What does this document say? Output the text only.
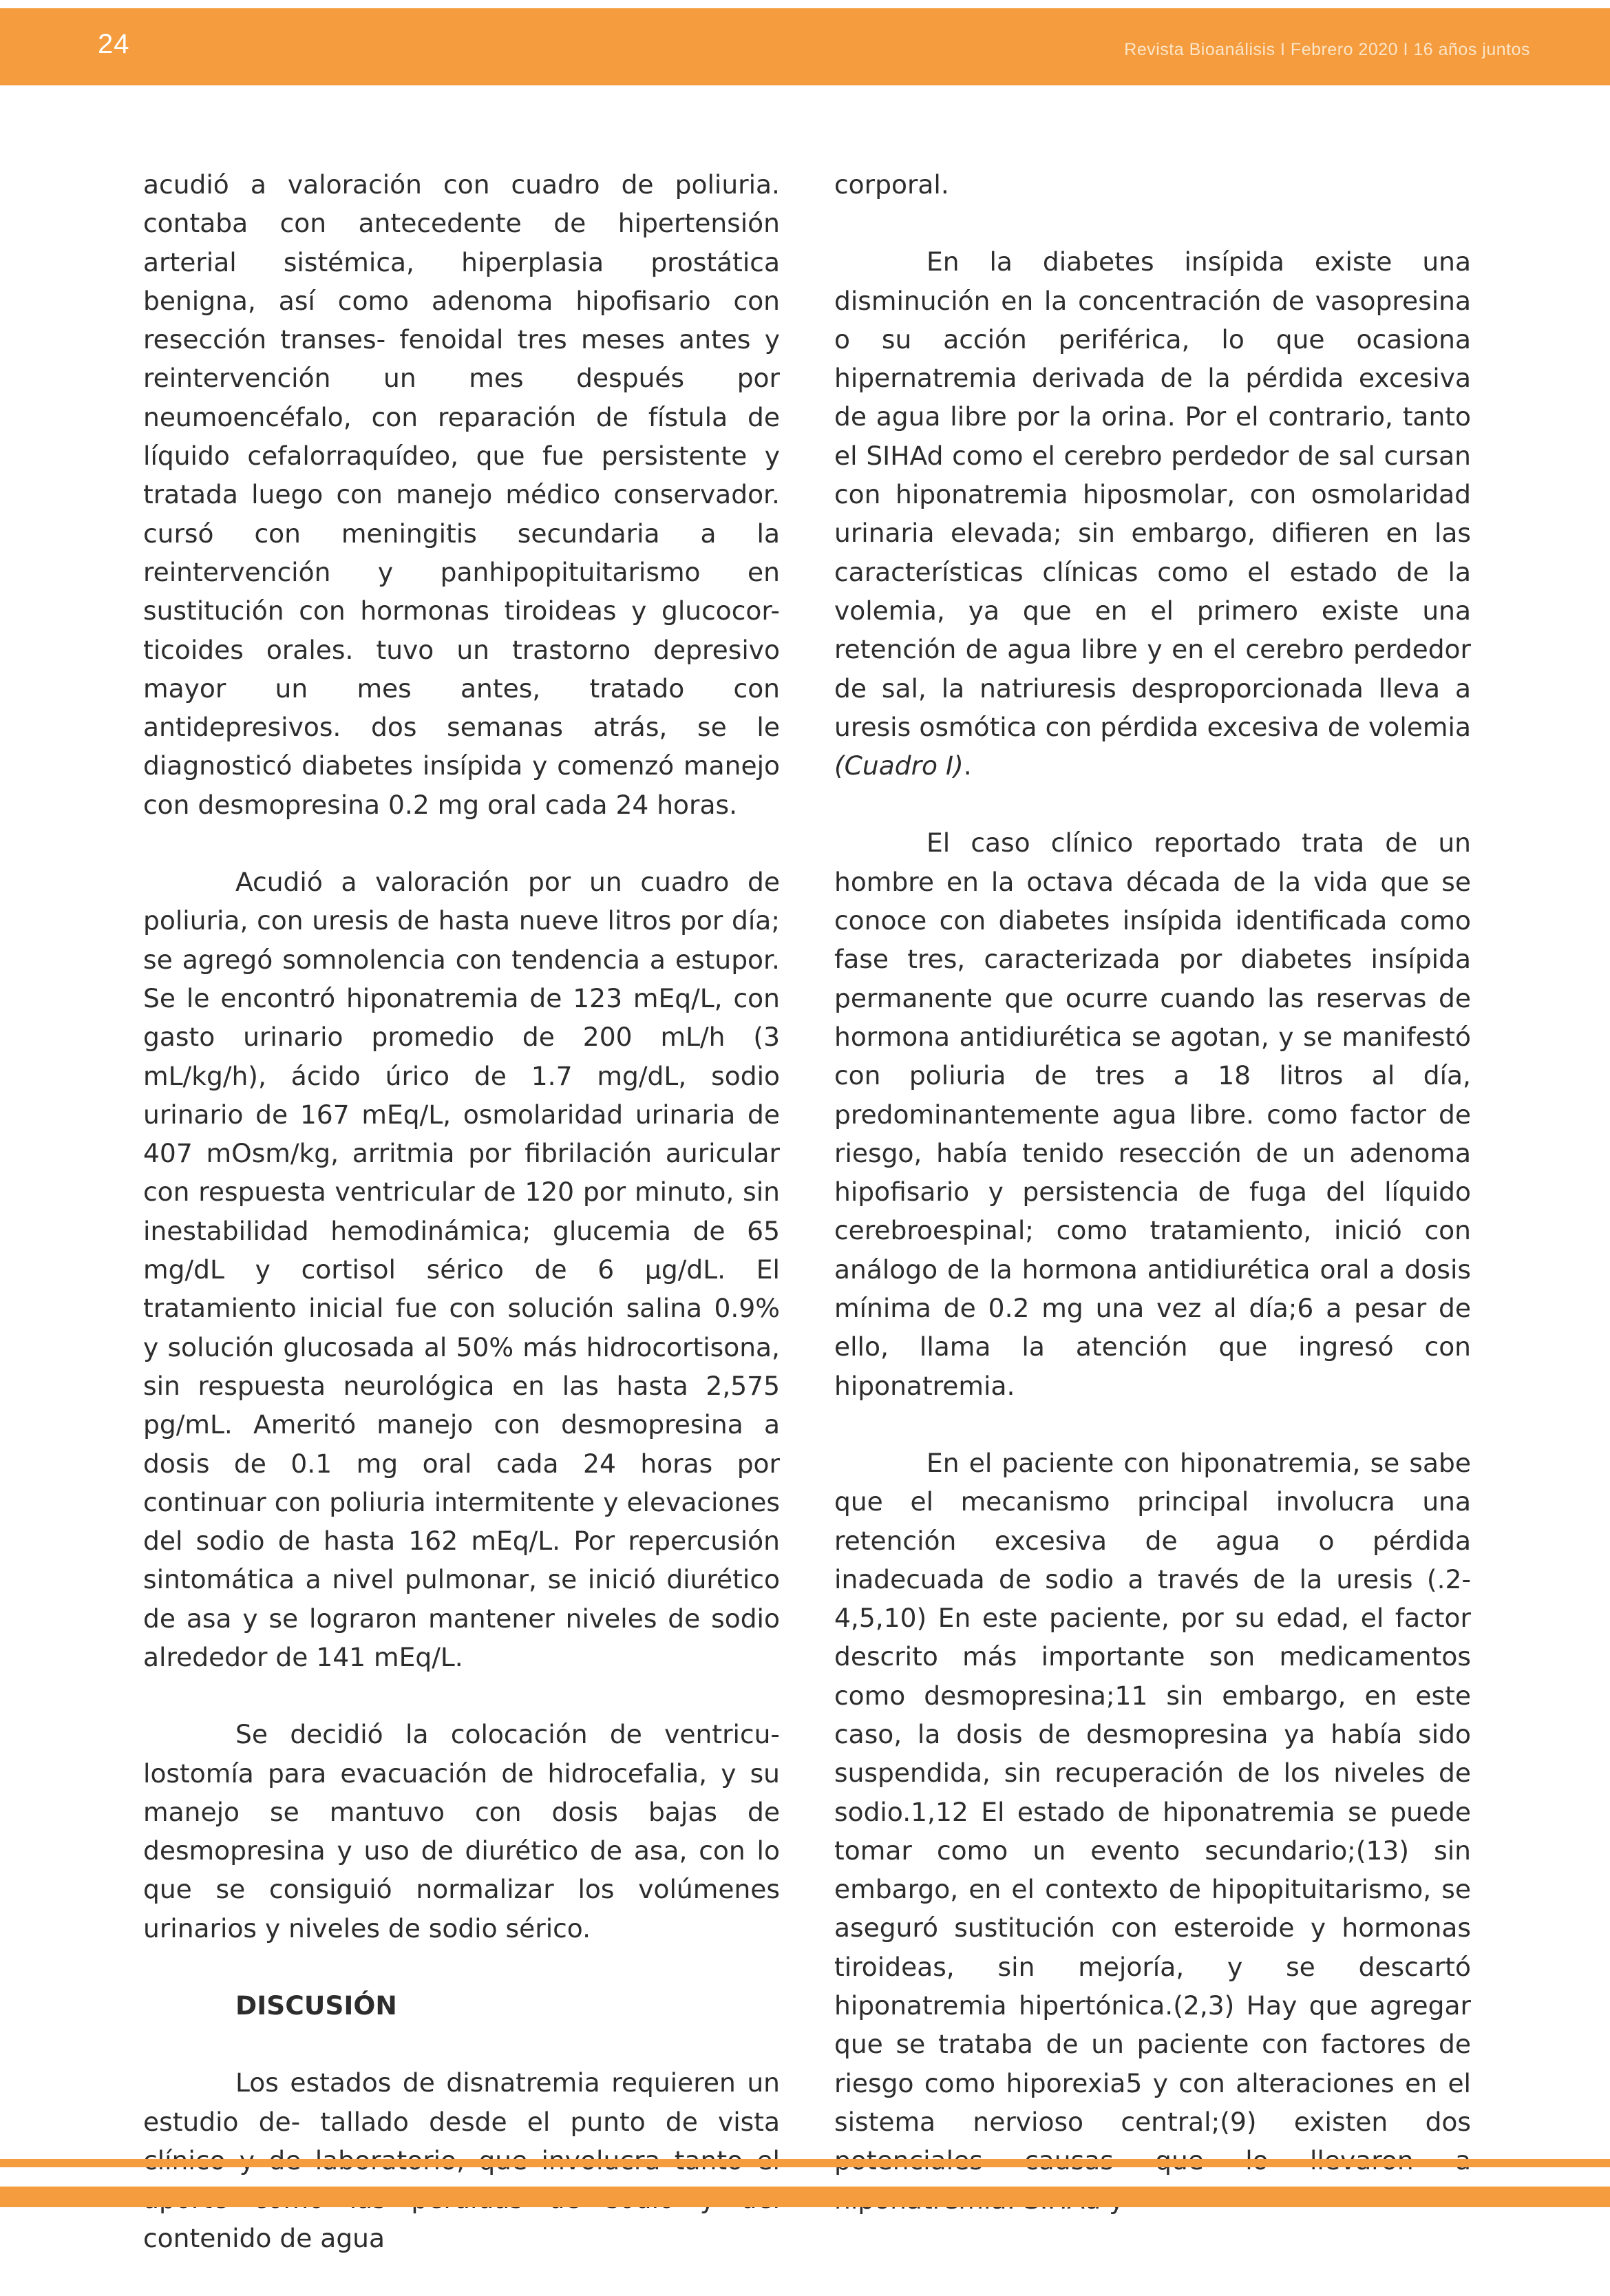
24	Revista Bioanálisis I Febrero 2020 I 16 años juntos

acudió a valoración con cuadro de poliuria. contaba con antecedente de hipertensión arterial sistémica, hiperplasia prostática benigna, así como adenoma hipofisario con resección transes- fenoidal tres meses antes y reintervención un mes después por neumoencéfalo, con reparación de fístula de líquido cefalorraquídeo, que fue persistente y tratada luego con manejo médico conservador. cursó con meningitis secundaria a la reintervención y panhipopituitarismo en sustitución con hormonas tiroideas y glucocor- ticoides orales. tuvo un trastorno depresivo mayor un mes antes, tratado con antidepresivos. dos semanas atrás, se le diagnosticó diabetes insípida y comenzó manejo con desmopresina 0.2 mg oral cada 24 horas.

Acudió a valoración por un cuadro de poliuria, con uresis de hasta nueve litros por día; se agregó somnolencia con tendencia a estupor. Se le encontró hiponatremia de 123 mEq/L, con gasto urinario promedio de 200 mL/h (3 mL/kg/h), ácido úrico de 1.7 mg/dL, sodio urinario de 167 mEq/L, osmolaridad urinaria de 407 mOsm/kg, arritmia por fibrilación auricular con respuesta ventricular de 120 por minuto, sin inestabilidad hemodinámica; glucemia de 65 mg/dL y cortisol sérico de 6 µg/dL. El tratamiento inicial fue con solución salina 0.9% y solución glucosada al 50% más hidrocortisona, sin respuesta neurológica en las hasta 2,575 pg/mL. Ameritó manejo con desmopresina a dosis de 0.1 mg oral cada 24 horas por continuar con poliuria intermitente y elevaciones del sodio de hasta 162 mEq/L. Por repercusión sintomática a nivel pulmonar, se inició diurético de asa y se lograron mantener niveles de sodio alrededor de 141 mEq/L.

Se decidió la colocación de ventricu- lostomía para evacuación de hidrocefalia, y su manejo se mantuvo con dosis bajas de desmopresina y uso de diurético de asa, con lo que se consiguió normalizar los volúmenes urinarios y niveles de sodio sérico.

DISCUSIÓN

Los estados de disnatremia requieren un estudio de- tallado desde el punto de vista contenido de agua

corporal.

En la diabetes insípida existe una disminución en la concentración de vasopresina o su acción periférica, lo que ocasiona hipernatremia derivada de la pérdida excesiva de agua libre por la orina. Por el contrario, tanto el SIHAd como el cerebro perdedor de sal cursan con hiponatremia hiposmolar, con osmolaridad urinaria elevada; sin embargo, difieren en las características clínicas como el estado de la volemia, ya que en el primero existe una retención de agua libre y en el cerebro perdedor de sal, la natriuresis desproporcionada lleva a uresis osmótica con pérdida excesiva de volemia (Cuadro I).

El caso clínico reportado trata de un hombre en la octava década de la vida que se conoce con diabetes insípida identificada como fase tres, caracterizada por diabetes insípida permanente que ocurre cuando las reservas de hormona antidiurética se agotan, y se manifestó con poliuria de tres a 18 litros al día, predominantemente agua libre. como factor de riesgo, había tenido resección de un adenoma hipofisario y persistencia de fuga del líquido cerebroespinal; como tratamiento, inició con análogo de la hormona antidiurética oral a dosis mínima de 0.2 mg una vez al día;6 a pesar de ello, llama la atención que ingresó con hiponatremia.

En el paciente con hiponatremia, se sabe que el mecanismo principal involucra una retención excesiva de agua o pérdida inadecuada de sodio a través de la uresis (.2-4,5,10) En este paciente, por su edad, el factor descrito más importante son medicamentos como desmopresina;11 sin embargo, en este caso, la dosis de desmopresina ya había sido suspendida, sin recuperación de los niveles de sodio.1,12 El estado de hiponatremia se puede tomar como un evento secundario;(13) sin embargo, en el contexto de hipopituitarismo, se aseguró sustitución con esteroide y hormonas tiroideas, sin mejoría, y se descartó hiponatremia hipertónica.(2,3) Hay que agregar que se trataba de un paciente con factores de riesgo como hiporexia5 y con alteraciones en el sistema nervioso central;(9) existen dos
